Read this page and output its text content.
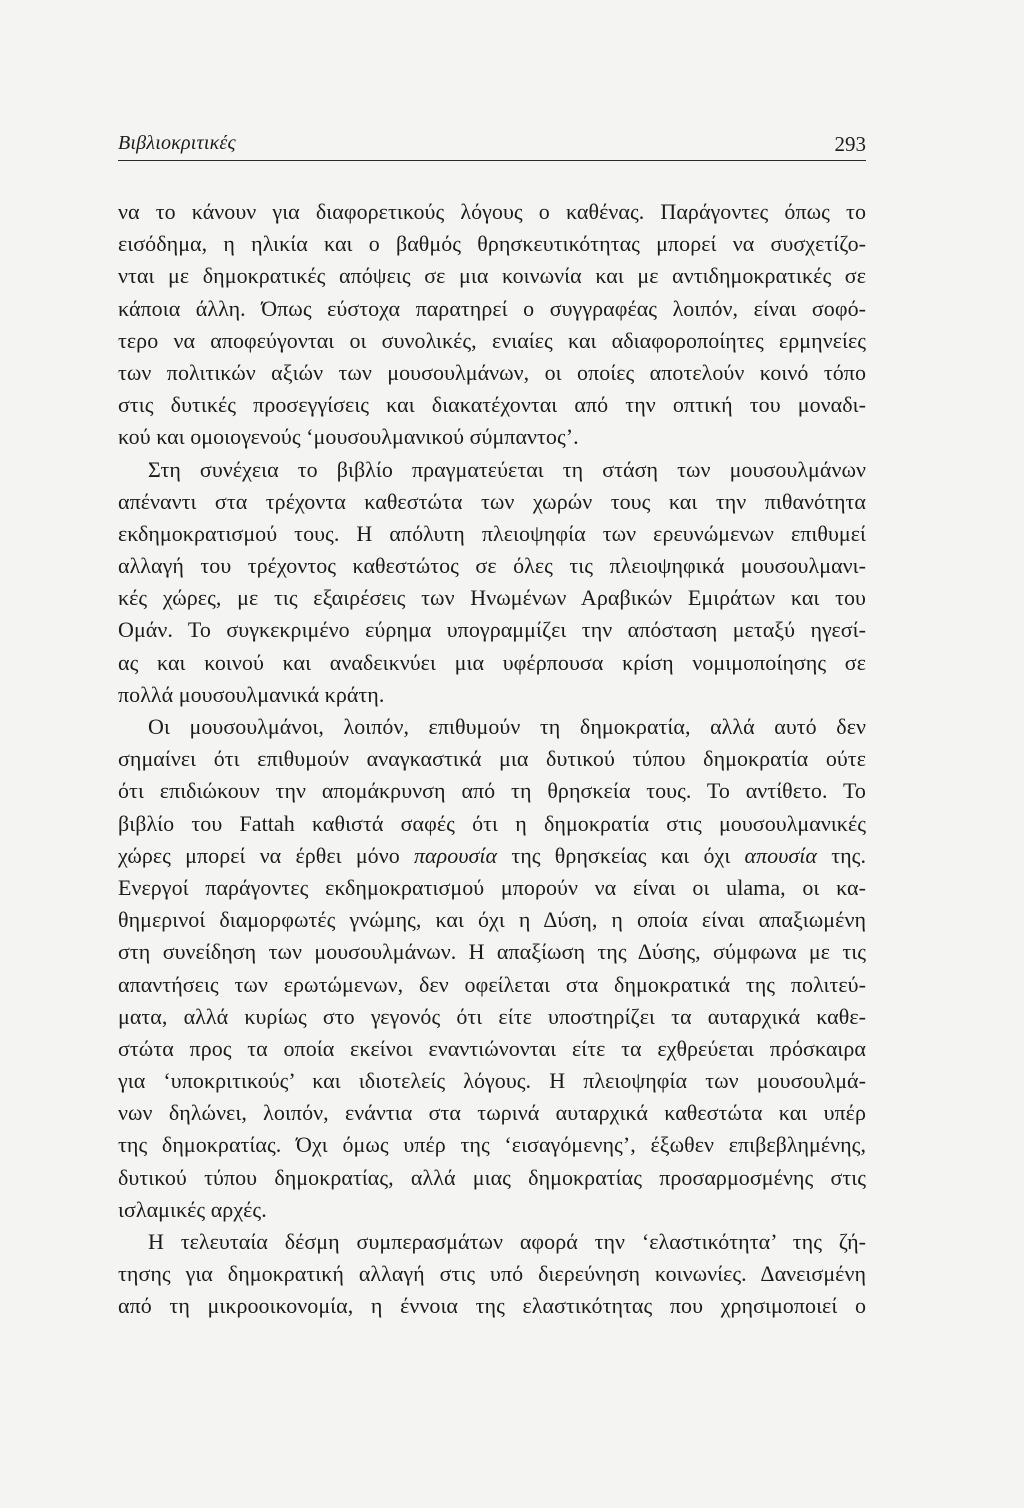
Βιβλιοκριτικές	293
να το κάνουν για διαφορετικούς λόγους ο καθένας. Παράγοντες όπως το
εισόδημα, η ηλικία και ο βαθμός θρησκευτικότητας μπορεί να συσχετίζο-
νται με δημοκρατικές απόψεις σε μια κοινωνία και με αντιδημοκρατικές σε
κάποια άλλη. Όπως εύστοχα παρατηρεί ο συγγραφέας λοιπόν, είναι σοφό-
τερο να αποφεύγονται οι συνολικές, ενιαίες και αδιαφοροποίητες ερμηνείες
των πολιτικών αξιών των μουσουλμάνων, οι οποίες αποτελούν κοινό τόπο
στις δυτικές προσεγγίσεις και διακατέχονται από την οπτική του μοναδι-
κού και ομοιογενούς ‘μουσουλμανικού σύμπαντος’.
Στη συνέχεια το βιβλίο πραγματεύεται τη στάση των μουσουλμάνων
απέναντι στα τρέχοντα καθεστώτα των χωρών τους και την πιθανότητα
εκδημοκρατισμού τους. Η απόλυτη πλειοψηφία των ερευνώμενων επιθυμεί
αλλαγή του τρέχοντος καθεστώτος σε όλες τις πλειοψηφικά μουσουλμανι-
κές χώρες, με τις εξαιρέσεις των Ηνωμένων Αραβικών Εμιράτων και του
Ομάν. Το συγκεκριμένο εύρημα υπογραμμίζει την απόσταση μεταξύ ηγεσί-
ας και κοινού και αναδεικνύει μια υφέρπουσα κρίση νομιμοποίησης σε
πολλά μουσουλμανικά κράτη.
Οι μουσουλμάνοι, λοιπόν, επιθυμούν τη δημοκρατία, αλλά αυτό δεν
σημαίνει ότι επιθυμούν αναγκαστικά μια δυτικού τύπου δημοκρατία ούτε
ότι επιδιώκουν την απομάκρυνση από τη θρησκεία τους. Το αντίθετο. Το
βιβλίο του Fattah καθιστά σαφές ότι η δημοκρατία στις μουσουλμανικές
χώρες μπορεί να έρθει μόνο παρουσία της θρησκείας και όχι απουσία της.
Ενεργοί παράγοντες εκδημοκρατισμού μπορούν να είναι οι ulama, οι κα-
θημερινοί διαμορφωτές γνώμης, και όχι η Δύση, η οποία είναι απαξιωμένη
στη συνείδηση των μουσουλμάνων. Η απαξίωση της Δύσης, σύμφωνα με τις
απαντήσεις των ερωτώμενων, δεν οφείλεται στα δημοκρατικά της πολιτεύ-
ματα, αλλά κυρίως στο γεγονός ότι είτε υποστηρίζει τα αυταρχικά καθε-
στώτα προς τα οποία εκείνοι εναντιώνονται είτε τα εχθρεύεται πρόσκαιρα
για ‘υποκριτικούς’ και ιδιοτελείς λόγους. Η πλειοψηφία των μουσουλμά-
νων δηλώνει, λοιπόν, ενάντια στα τωρινά αυταρχικά καθεστώτα και υπέρ
της δημοκρατίας. Όχι όμως υπέρ της ‘εισαγόμενης’, έξωθεν επιβεβλημένης,
δυτικού τύπου δημοκρατίας, αλλά μιας δημοκρατίας προσαρμοσμένης στις
ισλαμικές αρχές.
Η τελευταία δέσμη συμπερασμάτων αφορά την ‘ελαστικότητα’ της ζή-
τησης για δημοκρατική αλλαγή στις υπό διερεύνηση κοινωνίες. Δανεισμένη
από τη μικροοικονομία, η έννοια της ελαστικότητας που χρησιμοποιεί ο
